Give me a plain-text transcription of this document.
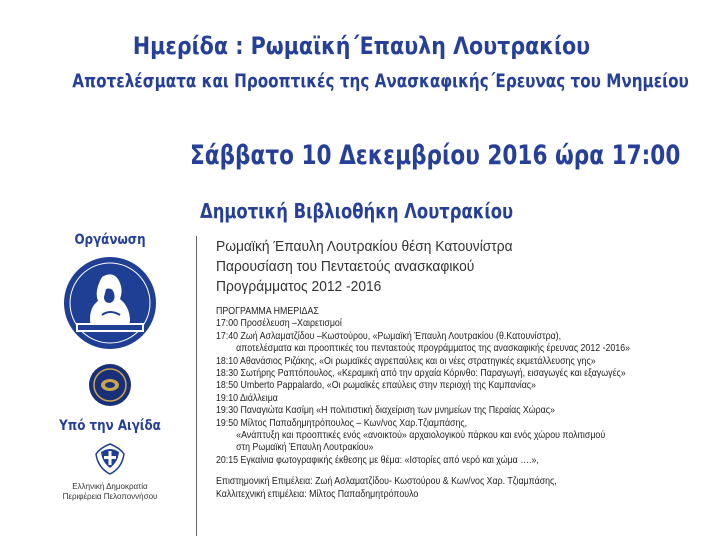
Ημερίδα : Ρωμαϊκή΄Επαυλη Λουτρακίου
Αποτελέσματα και Προοπτικές της Ανασκαφικής΄Ερευνας του Μνημείου
Σάββατο 10 Δεκεμβρίου 2016 ώρα 17:00
Δημοτική Βιβλιοθήκη Λουτρακίου
Οργάνωση
Υπό την Αιγίδα
Ελληνική Δημοκρατία
Περιφέρεια Πελοποννήσου
Ρωμαϊκή Έπαυλη Λουτρακίου θέση Κατουνίστρα
Παρουσίαση του Πενταετούς ανασκαφικού
Προγράμματος 2012 -2016
ΠΡΟΓΡΑΜΜΑ ΗΜΕΡΙΔΑΣ
17:00 Προσέλευση –Χαιρετισμοί
17:40 Ζωή Ασλαματζίδου –Κωστούρου, «Ρωμαϊκή Έπαυλη Λουτρακίου (θ.Κατουνίστρα),
αποτελέσματα και προοπτικές του πενταετούς προγράμματος της ανασκαφικής έρευνας 2012 -2016»
18:10 Αθανάσιος Ριζάκης, «Οι ρωμαϊκές αγρεπαύλεις και οι νέες στρατηγικές εκμετάλλευσης γης»
18:30 Σωτήρης Ραπτόπουλος, «Κεραμική από την αρχαία Κόρινθο: Παραγωγή, εισαγωγές και εξαγωγές»
18:50 Umberto Pappalardo, «Οι ρωμαϊκές επαύλεις στην περιοχή της Καμπανίας»
19:10 Διάλλειμα
19:30 Παναγιώτα Κασίμη «Η πολιτιστική διαχείριση των μνημείων της Περαίας Χώρας»
19:50 Μίλτος Παπαδημητρόπουλος – Κων/νος Χαρ.Τζιαμπάσης,
«Ανάπτυξη και προοπτικές ενός «ανοικτού» αρχαιολογικού πάρκου και ενός χώρου πολιτισμού
στη Ρωμαϊκή Έπαυλη Λουτρακίου»
20:15 Εγκαίνια φωτογραφικής έκθεσης με θέμα: «Ιστορίες από νερό και χώμα ….»,
Επιστημονική Επιμέλεια: Ζωή Ασλαματζίδου- Κωστούρου & Κων/νος Χαρ. Τζιαμπάσης,
Καλλιτεχνική επιμέλεια: Μίλτος Παπαδημητρόπουλο
